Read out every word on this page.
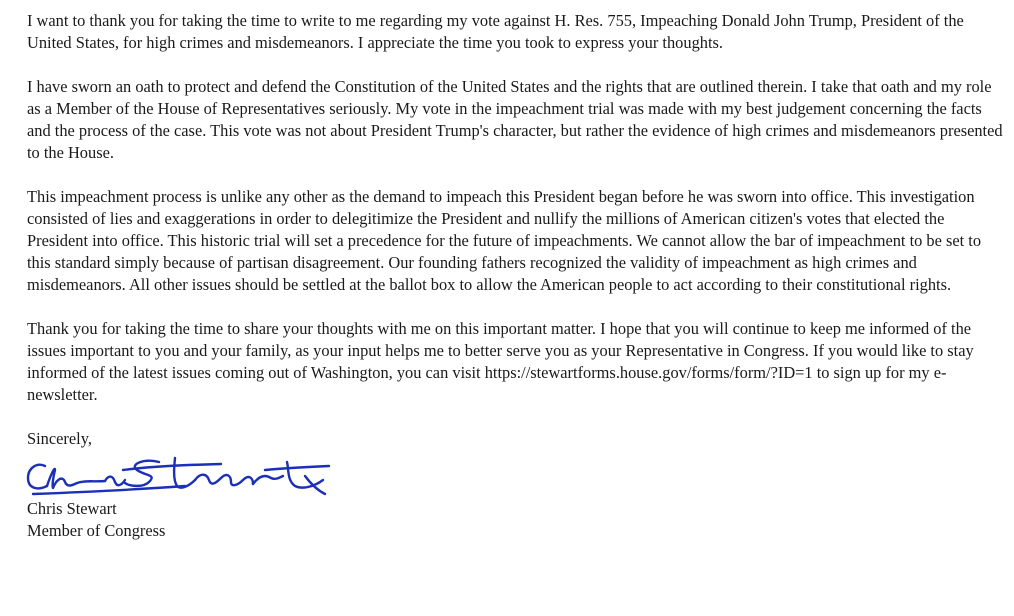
I want to thank you for taking the time to write to me regarding my vote against H. Res. 755, Impeaching Donald John Trump, President of the United States, for high crimes and misdemeanors. I appreciate the time you took to express your thoughts.

I have sworn an oath to protect and defend the Constitution of the United States and the rights that are outlined therein. I take that oath and my role as a Member of the House of Representatives seriously. My vote in the impeachment trial was made with my best judgement concerning the facts and the process of the case. This vote was not about President Trump's character, but rather the evidence of high crimes and misdemeanors presented to the House.

This impeachment process is unlike any other as the demand to impeach this President began before he was sworn into office. This investigation consisted of lies and exaggerations in order to delegitimize the President and nullify the millions of American citizen's votes that elected the President into office. This historic trial will set a precedence for the future of impeachments. We cannot allow the bar of impeachment to be set to this standard simply because of partisan disagreement. Our founding fathers recognized the validity of impeachment as high crimes and misdemeanors. All other issues should be settled at the ballot box to allow the American people to act according to their constitutional rights.

Thank you for taking the time to share your thoughts with me on this important matter. I hope that you will continue to keep me informed of the issues important to you and your family, as your input helps me to better serve you as your Representative in Congress. If you would like to stay informed of the latest issues coming out of Washington, you can visit https://stewartforms.house.gov/forms/form/?ID=1 to sign up for my e-newsletter.

Sincerely,
Chris Stewart
Member of Congress
